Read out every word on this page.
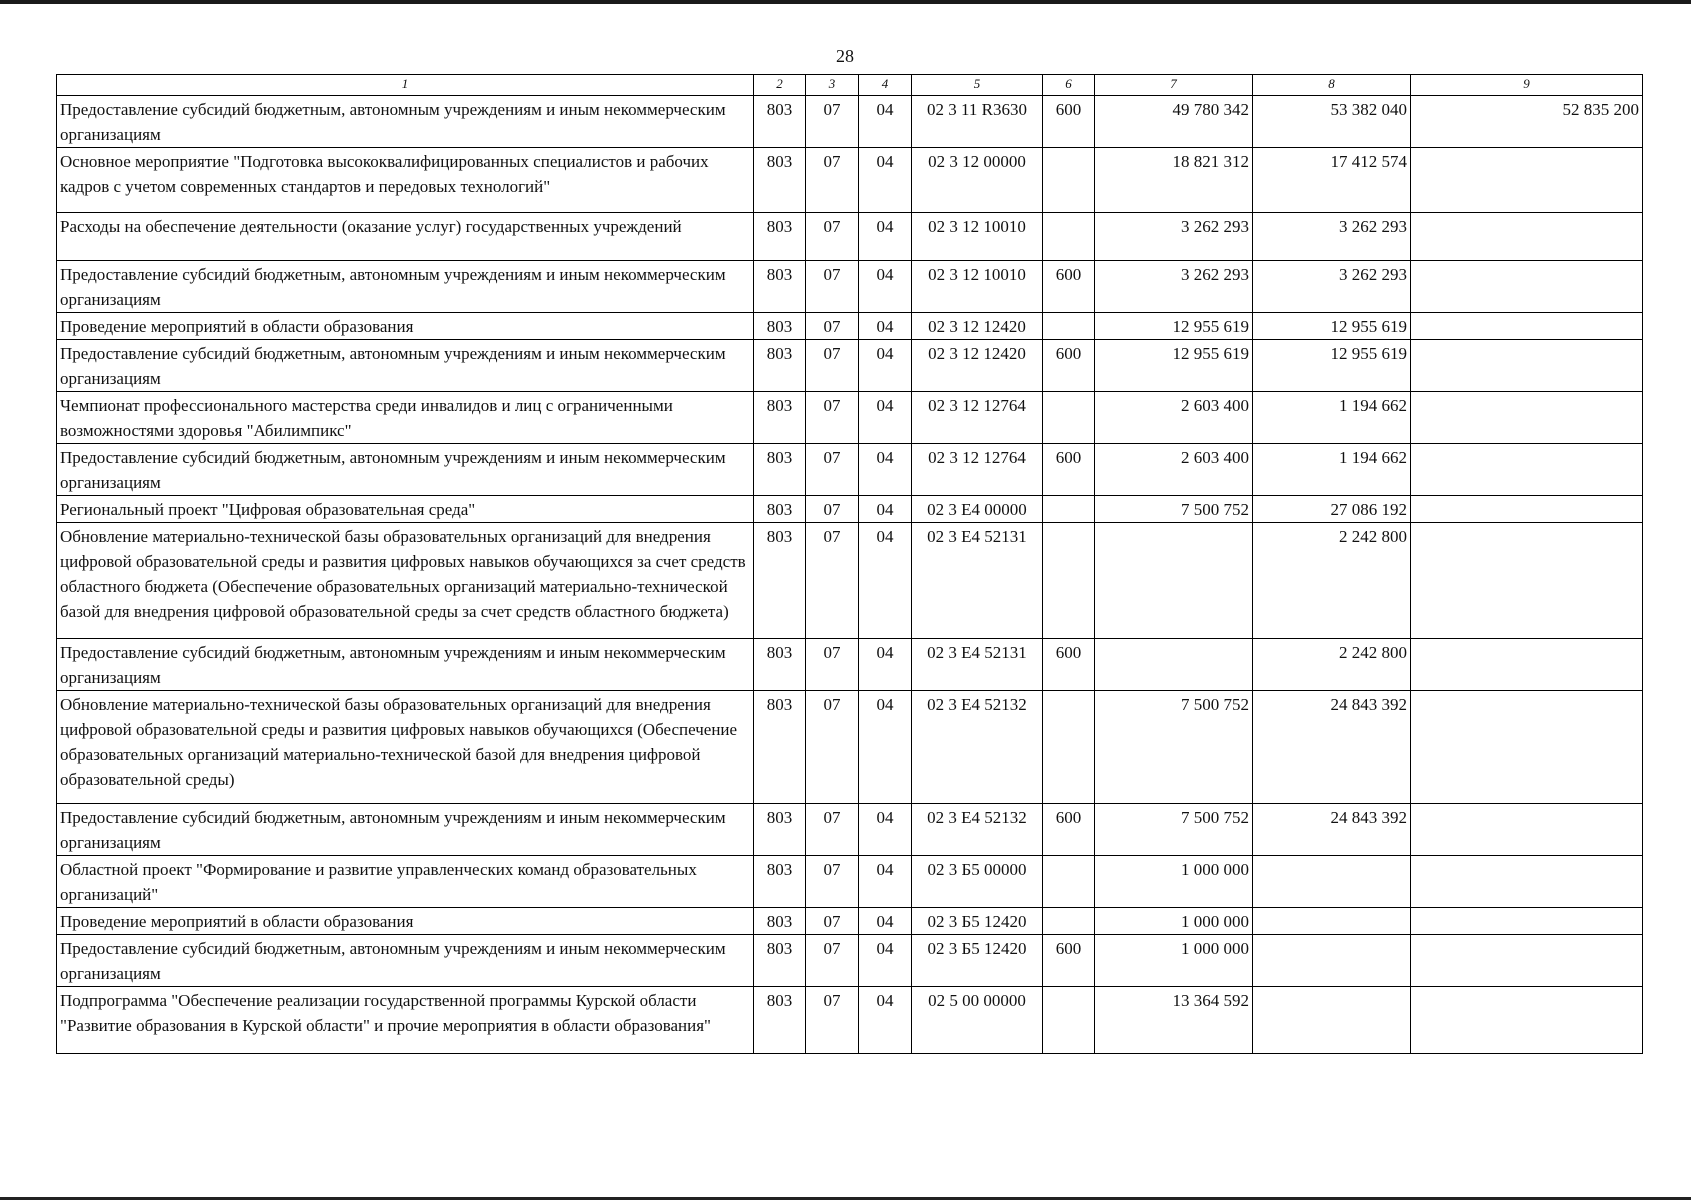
28
1	2	3	4	5	6	7	8	9
Предоставление субсидий бюджетным, автономным учреждениям и иным некоммерческим организациям	803	07	04	02 3 11 R3630	600	49 780 342	53 382 040	52 835 200
Основное мероприятие "Подготовка высококвалифицированных специалистов и рабочих кадров с учетом современных стандартов и передовых технологий"	803	07	04	02 3 12 00000		18 821 312	17 412 574	
Расходы на обеспечение деятельности (оказание услуг) государственных учреждений	803	07	04	02 3 12 10010		3 262 293	3 262 293	
Предоставление субсидий бюджетным, автономным учреждениям и иным некоммерческим организациям	803	07	04	02 3 12 10010	600	3 262 293	3 262 293	
Проведение мероприятий в области образования	803	07	04	02 3 12 12420		12 955 619	12 955 619	
Предоставление субсидий бюджетным, автономным учреждениям и иным некоммерческим организациям	803	07	04	02 3 12 12420	600	12 955 619	12 955 619	
Чемпионат профессионального мастерства среди инвалидов и лиц с ограниченными возможностями здоровья "Абилимпикс"	803	07	04	02 3 12 12764		2 603 400	1 194 662	
Предоставление субсидий бюджетным, автономным учреждениям и иным некоммерческим организациям	803	07	04	02 3 12 12764	600	2 603 400	1 194 662	
Региональный проект "Цифровая образовательная среда"	803	07	04	02 3 E4 00000		7 500 752	27 086 192	
Обновление материально-технической базы образовательных организаций для внедрения цифровой образовательной среды и развития цифровых навыков обучающихся за счет средств областного бюджета (Обеспечение образовательных организаций материально-технической базой для внедрения цифровой образовательной среды за счет средств областного бюджета)	803	07	04	02 3 E4 52131			2 242 800	
Предоставление субсидий бюджетным, автономным учреждениям и иным некоммерческим организациям	803	07	04	02 3 E4 52131	600		2 242 800	
Обновление материально-технической базы образовательных организаций для внедрения цифровой образовательной среды и развития цифровых навыков обучающихся (Обеспечение образовательных организаций материально-технической базой для внедрения цифровой образовательной среды)	803	07	04	02 3 E4 52132		7 500 752	24 843 392	
Предоставление субсидий бюджетным, автономным учреждениям и иным некоммерческим организациям	803	07	04	02 3 E4 52132	600	7 500 752	24 843 392	
Областной проект "Формирование и развитие управленческих команд образовательных организаций"	803	07	04	02 3 Б5 00000		1 000 000		
Проведение мероприятий в области образования	803	07	04	02 3 Б5 12420		1 000 000		
Предоставление субсидий бюджетным, автономным учреждениям и иным некоммерческим организациям	803	07	04	02 3 Б5 12420	600	1 000 000		
Подпрограмма "Обеспечение реализации государственной программы Курской области "Развитие образования в Курской области" и прочие мероприятия в области образования"	803	07	04	02 5 00 00000		13 364 592		
